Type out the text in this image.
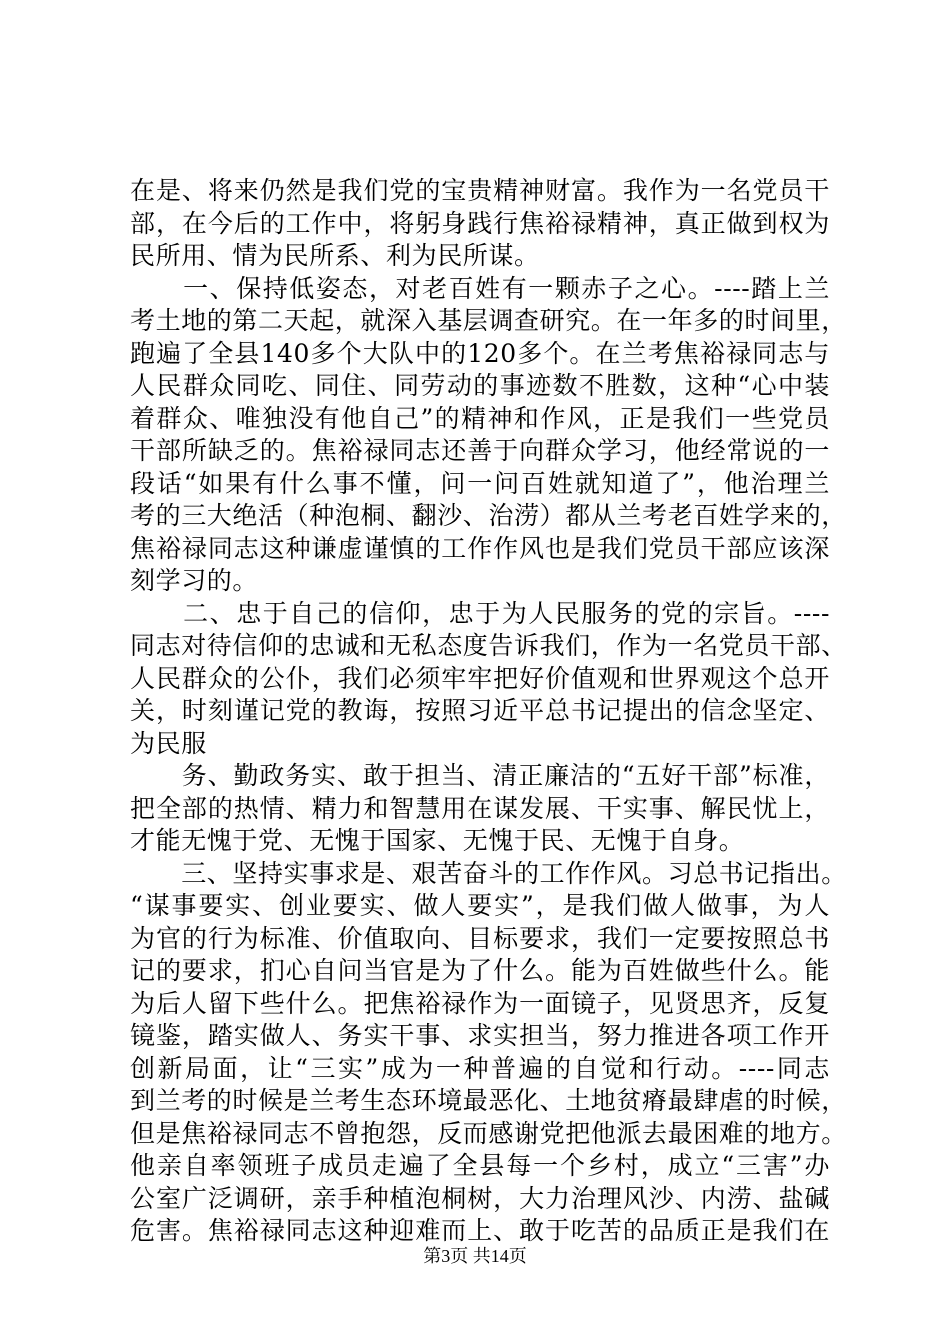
在是、将来仍然是我们党的宝贵精神财富。我作为一名党员干
部，在今后的工作中，将躬身践行焦裕禄精神，真正做到权为
民所用、情为民所系、利为民所谋。
　　一、保持低姿态，对老百姓有一颗赤子之心。----踏上兰
考土地的第二天起，就深入基层调查研究。在一年多的时间里，
跑遍了全县140多个大队中的120多个。在兰考焦裕禄同志与
人民群众同吃、同住、同劳动的事迹数不胜数，这种“心中装
着群众、唯独没有他自己”的精神和作风，正是我们一些党员
干部所缺乏的。焦裕禄同志还善于向群众学习，他经常说的一
段话“如果有什么事不懂，问一问百姓就知道了”，他治理兰
考的三大绝活（种泡桐、翻沙、治涝）都从兰考老百姓学来的，
焦裕禄同志这种谦虚谨慎的工作作风也是我们党员干部应该深
刻学习的。
　　二、忠于自己的信仰，忠于为人民服务的党的宗旨。----
同志对待信仰的忠诚和无私态度告诉我们，作为一名党员干部、
人民群众的公仆，我们必须牢牢把好价值观和世界观这个总开
关，时刻谨记党的教诲，按照习近平总书记提出的信念坚定、
为民服
　　务、勤政务实、敢于担当、清正廉洁的“五好干部”标准，
把全部的热情、精力和智慧用在谋发展、干实事、解民忧上，
才能无愧于党、无愧于国家、无愧于民、无愧于自身。
　　三、坚持实事求是、艰苦奋斗的工作作风。习总书记指出。
“谋事要实、创业要实、做人要实”，是我们做人做事，为人
为官的行为标准、价值取向、目标要求，我们一定要按照总书
记的要求，扪心自问当官是为了什么。能为百姓做些什么。能
为后人留下些什么。把焦裕禄作为一面镜子，见贤思齐，反复
镜鉴，踏实做人、务实干事、求实担当，努力推进各项工作开
创新局面，让“三实”成为一种普遍的自觉和行动。----同志
到兰考的时候是兰考生态环境最恶化、土地贫瘠最肆虐的时候，
但是焦裕禄同志不曾抱怨，反而感谢党把他派去最困难的地方。
他亲自率领班子成员走遍了全县每一个乡村，成立“三害”办
公室广泛调研，亲手种植泡桐树，大力治理风沙、内涝、盐碱
危害。焦裕禄同志这种迎难而上、敢于吃苦的品质正是我们在
第3页 共14页
